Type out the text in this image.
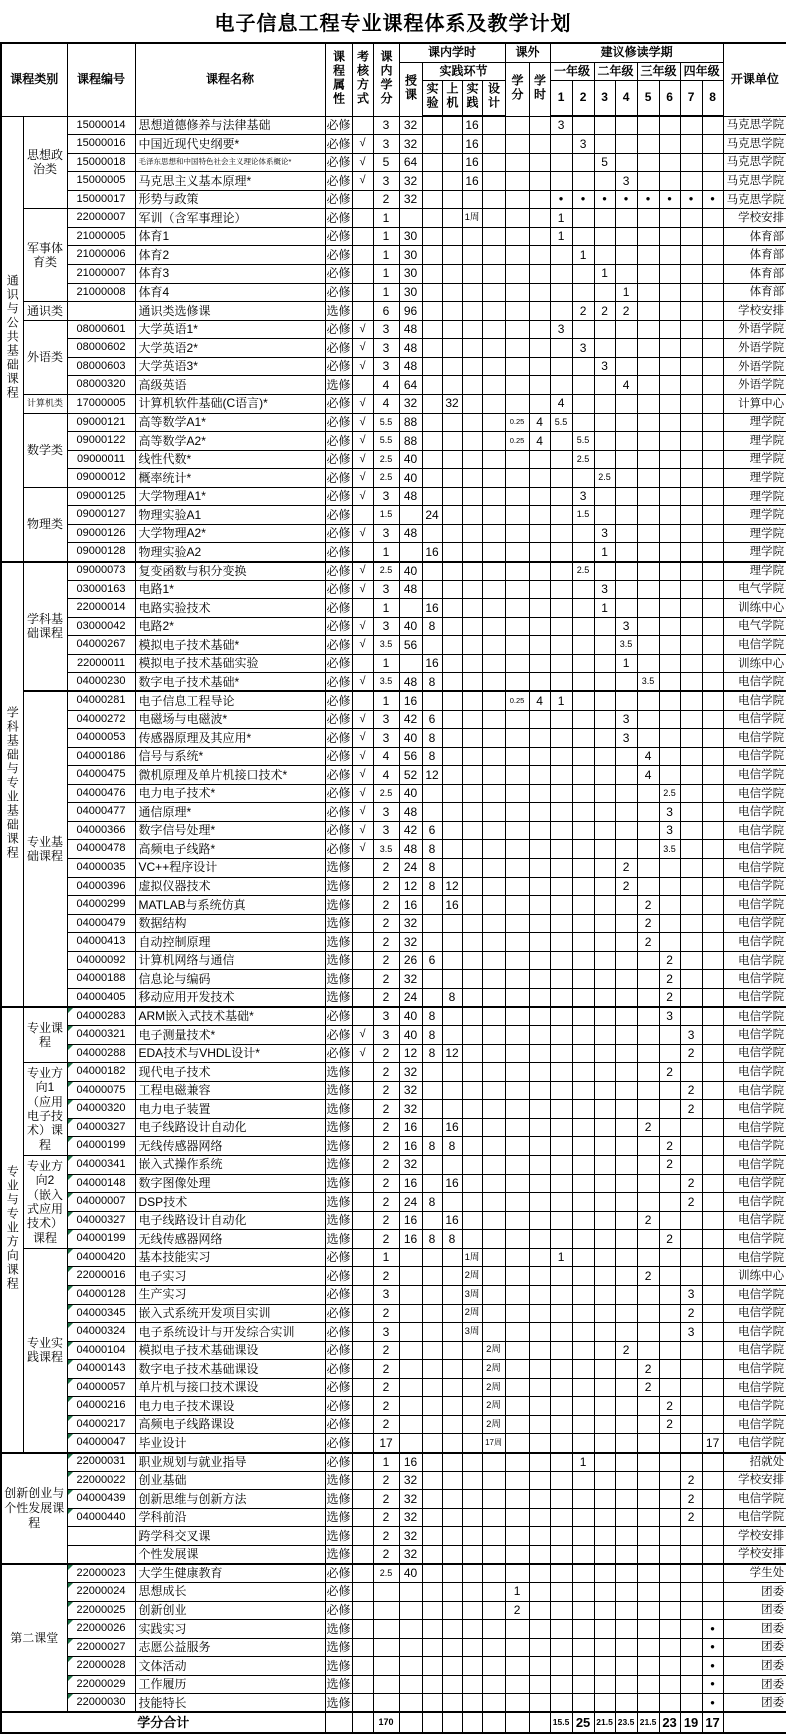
电子信息工程专业课程体系及教学计划
课程类别		课程编号	课程名称	课程属性	考核方式	课内学分	课内学时					课外		建议修读学期								开课单位
							授课	实践环节				学分	学时	一年级		二年级		三年级		四年级		
								实验	上机	实践	设计			1	2	3	4	5	6	7	8	
通识与公共基础课程	思想政治类	15000014	思想道德修养与法律基础	必修		3	32			16				3								马克思学院
		15000016	中国近现代史纲要*	必修	√	3	32			16					3							马克思学院
		15000018	毛泽东思想和中国特色社会主义理论体系概论*	必修	√	5	64			16						5						马克思学院
		15000005	马克思主义基本原理*	必修	√	3	32			16							3					马克思学院
		15000017	形势与政策	必修		2	32							●	●	●	●	●	●	●	●	马克思学院
	军事体育类	22000007	军训（含军事理论）	必修		1				1周				1								学校安排
		21000005	体育1	必修		1	30							1								体育部
		21000006	体育2	必修		1	30								1							体育部
		21000007	体育3	必修		1	30									1						体育部
		21000008	体育4	必修		1	30										1					体育部
	通识类		通识类选修课	选修		6	96								2	2	2					学校安排
	外语类	08000601	大学英语1*	必修	√	3	48							3								外语学院
		08000602	大学英语2*	必修	√	3	48								3							外语学院
		08000603	大学英语3*	必修	√	3	48									3						外语学院
		08000320	高级英语	选修		4	64										4					外语学院
	计算机类	17000005	计算机软件基础(C语言)*	必修	√	4	32		32					4								计算中心
	数学类	09000121	高等数学A1*	必修	√	5.5	88					0.25	4	5.5								理学院
		09000122	高等数学A2*	必修	√	5.5	88					0.25	4		5.5							理学院
		09000011	线性代数*	必修	√	2.5	40								2.5							理学院
		09000012	概率统计*	必修	√	2.5	40									2.5						理学院
	物理类	09000125	大学物理A1*	必修	√	3	48								3							理学院
		09000127	物理实验A1	必修		1.5		24							1.5							理学院
		09000126	大学物理A2*	必修	√	3	48									3						理学院
		09000128	物理实验A2	必修		1		16								1						理学院
学科基础与专业基础课程	学科基础课程	09000073	复变函数与积分变换	必修	√	2.5	40								2.5							理学院
		03000163	电路1*	必修	√	3	48									3						电气学院
		22000014	电路实验技术	必修		1		16								1						训练中心
		03000042	电路2*	必修	√	3	40	8									3					电气学院
		04000267	模拟电子技术基础*	必修	√	3.5	56										3.5					电信学院
		22000011	模拟电子技术基础实验	必修		1		16									1					训练中心
		04000230	数字电子技术基础*	必修	√	3.5	48	8										3.5				电信学院
	专业基础课程	04000281	电子信息工程导论	必修		1	16					0.25	4	1								电信学院
		04000272	电磁场与电磁波*	必修	√	3	42	6									3					电信学院
		04000053	传感器原理及其应用*	必修	√	3	40	8									3					电信学院
		04000186	信号与系统*	必修	√	4	56	8										4				电信学院
		04000475	微机原理及单片机接口技术*	必修	√	4	52	12										4				电信学院
		04000476	电力电子技术*	必修	√	2.5	40												2.5			电信学院
		04000477	通信原理*	必修	√	3	48												3			电信学院
		04000366	数字信号处理*	必修	√	3	42	6											3			电信学院
		04000478	高频电子线路*	必修	√	3.5	48	8											3.5			电信学院
		04000035	VC++程序设计	选修		2	24	8									2					电信学院
		04000396	虚拟仪器技术	选修		2	12	8	12								2					电信学院
		04000299	MATLAB与系统仿真	选修		2	16		16									2				电信学院
		04000479	数据结构	选修		2	32											2				电信学院
		04000413	自动控制原理	选修		2	32											2				电信学院
		04000092	计算机网络与通信	选修		2	26	6											2			电信学院
		04000188	信息论与编码	选修		2	32												2			电信学院
		04000405	移动应用开发技术	选修		2	24		8										2			电信学院
专业与专业方向课程	专业课程	04000283	ARM嵌入式技术基础*	必修		3	40	8											3			电信学院
		04000321	电子测量技术*	必修	√	3	40	8												3		电信学院
		04000288	EDA技术与VHDL设计*	必修	√	2	12	8	12											2		电信学院
	专业方向1（应用电子技术）课程	04000182	现代电子技术	选修		2	32												2			电信学院
		04000075	工程电磁兼容	选修		2	32													2		电信学院
		04000320	电力电子装置	选修		2	32													2		电信学院
		04000327	电子线路设计自动化	选修		2	16		16									2				电信学院
		04000199	无线传感器网络	选修		2	16	8	8										2			电信学院
	专业方向2（嵌入式应用技术）课程	04000341	嵌入式操作系统	选修		2	32												2			电信学院
		04000148	数字图像处理	选修		2	16		16											2		电信学院
		04000007	DSP技术	选修		2	24	8												2		电信学院
		04000327	电子线路设计自动化	选修		2	16		16									2				电信学院
		04000199	无线传感器网络	选修		2	16	8	8										2			电信学院
	专业实践课程	04000420	基本技能实习	必修		1				1周				1								电信学院
		22000016	电子实习	必修		2				2周								2				训练中心
		04000128	生产实习	必修		3				3周										3		电信学院
		04000345	嵌入式系统开发项目实训	必修		2				2周										2		电信学院
		04000324	电子系统设计与开发综合实训	必修		3				3周										3		电信学院
		04000104	模拟电子技术基础课设	必修		2					2周						2					电信学院
		04000143	数字电子技术基础课设	必修		2					2周							2				电信学院
		04000057	单片机与接口技术课设	必修		2					2周							2				电信学院
		04000216	电力电子技术课设	必修		2					2周								2			电信学院
		04000217	高频电子线路课设	必修		2					2周								2			电信学院
		04000047	毕业设计	必修		17					17周										17	电信学院
创新创业与个性发展课程		22000031	职业规划与就业指导	必修		1	16								1							招就处
		22000022	创业基础	选修		2	32													2		学校安排
		04000439	创新思维与创新方法	选修		2	32													2		电信学院
		04000440	学科前沿	选修		2	32													2		电信学院
			跨学科交叉课	选修		2	32															学校安排
			个性发展课	选修		2	32															学校安排
第二课堂		22000023	大学生健康教育	必修		2.5	40															学生处
		22000024	思想成长	必修								1										团委
		22000025	创新创业	必修								2										团委
		22000026	实践实习	选修																	●	团委
		22000027	志愿公益服务	选修																	●	团委
		22000028	文体活动	选修																	●	团委
		22000029	工作履历	选修																	●	团委
		22000030	技能特长	选修																	●	团委
学分合计						170								15.5	25	21.5	23.5	21.5	23	19	17	
